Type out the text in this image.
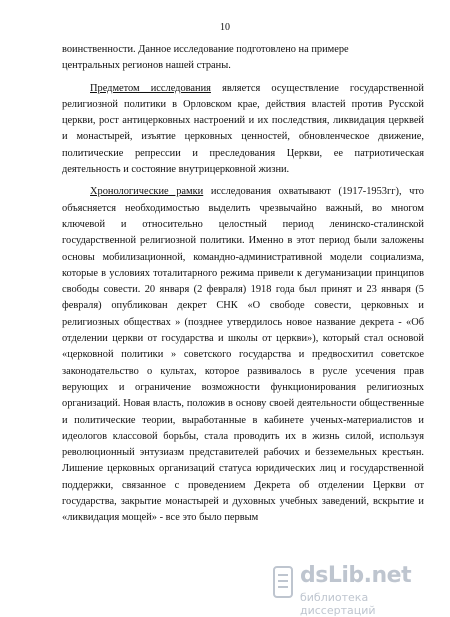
10

воинственности. Данное исследование подготовлено на примере
центральных регионов нашей страны.

Предметом исследования является осуществление государственной религиозной политики в Орловском крае, действия властей против Русской церкви, рост антицерковных настроений и их последствия, ликвидация церквей и монастырей, изъятие церковных ценностей, обновленческое движение, политические репрессии и преследования Церкви, ее патриотическая деятельность и состояние внутрицерковной жизни.

Хронологические рамки исследования охватывают (1917-1953гг), что объясняется необходимостью выделить чрезвычайно важный, во многом ключевой и относительно целостный период ленинско-сталинской государственной религиозной политики. Именно в этот период были заложены основы мобилизационной, командно-административной модели социализма, которые в условиях тоталитарного режима привели к дегуманизации принципов свободы совести. 20 января (2 февраля) 1918 года был принят и 23 января (5 февраля) опубликован декрет СНК «О свободе совести, церковных и религиозных обществах » (позднее утвердилось новое название декрета - «Об отделении церкви от государства и школы от церкви»), который стал основой «церковной политики » советского государства и предвосхитил советское законодательство о культах, которое развивалось в русле усечения прав верующих и ограничение возможности функционирования религиозных организаций. Новая власть, положив в основу своей деятельности общественные и политические теории, выработанные в кабинете ученых-материалистов и идеологов классовой борьбы, стала проводить их в жизнь силой, используя революционный энтузиазм представителей рабочих и безземельных крестьян. Лишение церковных организаций статуса юридических лиц и государственной поддержки, связанное с проведением Декрета об отделении Церкви от государства, закрытие монастырей и духовных учебных заведений, вскрытие и «ликвидация мощей» - все это было первым

dsLib.net
библиотека диссертаций
